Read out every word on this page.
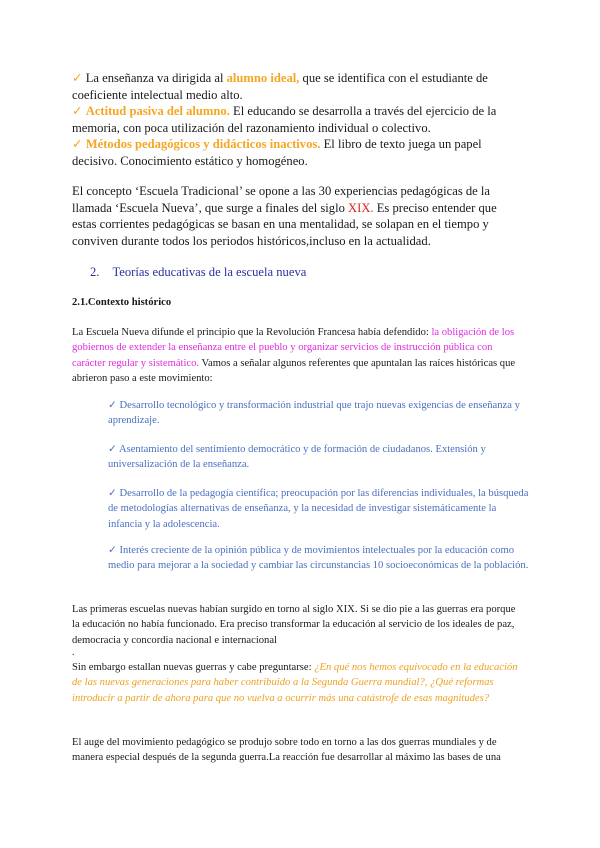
✓ La enseñanza va dirigida al alumno ideal, que se identifica con el estudiante de coeficiente intelectual medio alto.
✓ Actitud pasiva del alumno. El educando se desarrolla a través del ejercicio de la memoria, con poca utilización del razonamiento individual o colectivo.
✓ Métodos pedagógicos y didácticos inactivos. El libro de texto juega un papel decisivo. Conocimiento estático y homogéneo.
El concepto ‘Escuela Tradicional’ se opone a las 30 experiencias pedagógicas de la llamada ‘Escuela Nueva’, que surge a finales del siglo XIX. Es preciso entender que estas corrientes pedagógicas se basan en una mentalidad, se solapan en el tiempo y conviven durante todos los periodos históricos,incluso en la actualidad.
2. Teorías educativas de la escuela nueva
2.1.Contexto histórico
La Escuela Nueva difunde el principio que la Revolución Francesa había defendido: la obligación de los gobiernos de extender la enseñanza entre el pueblo y organizar servicios de instrucción pública con carácter regular y sistemático. Vamos a señalar algunos referentes que apuntalan las raíces históricas que abrieron paso a este movimiento:
✓ Desarrollo tecnológico y transformación industrial que trajo nuevas exigencias de enseñanza y aprendizaje.
✓ Asentamiento del sentimiento democrático y de formación de ciudadanos. Extensión y universalización de la enseñanza.
✓ Desarrollo de la pedagogía científica; preocupación por las diferencias individuales, la búsqueda de metodologías alternativas de enseñanza, y la necesidad de investigar sistemáticamente la infancia y la adolescencia.
✓ Interés creciente de la opinión pública y de movimientos intelectuales por la educación como medio para mejorar a la sociedad y cambiar las circunstancias 10 socioeconómicas de la población.
Las primeras escuelas nuevas habían surgido en torno al siglo XIX. Si se dio pie a las guerras era porque la educación no había funcionado. Era preciso transformar la educación al servicio de los ideales de paz, democracia y concordia nacional e internacional
.
Sin embargo estallan nuevas guerras y cabe preguntarse: ¿En qué nos hemos equivocado en la educación de las nuevas generaciones para haber contribuido a la Segunda Guerra mundial?, ¿Qué reformas introducir a partir de ahora para que no vuelva a ocurrir más una catástrofe de esas magnitudes?
El auge del movimiento pedagógico se produjo sobre todo en torno a las dos guerras mundiales y de manera especial después de la segunda guerra.La reacción fue desarrollar al máximo las bases de una
